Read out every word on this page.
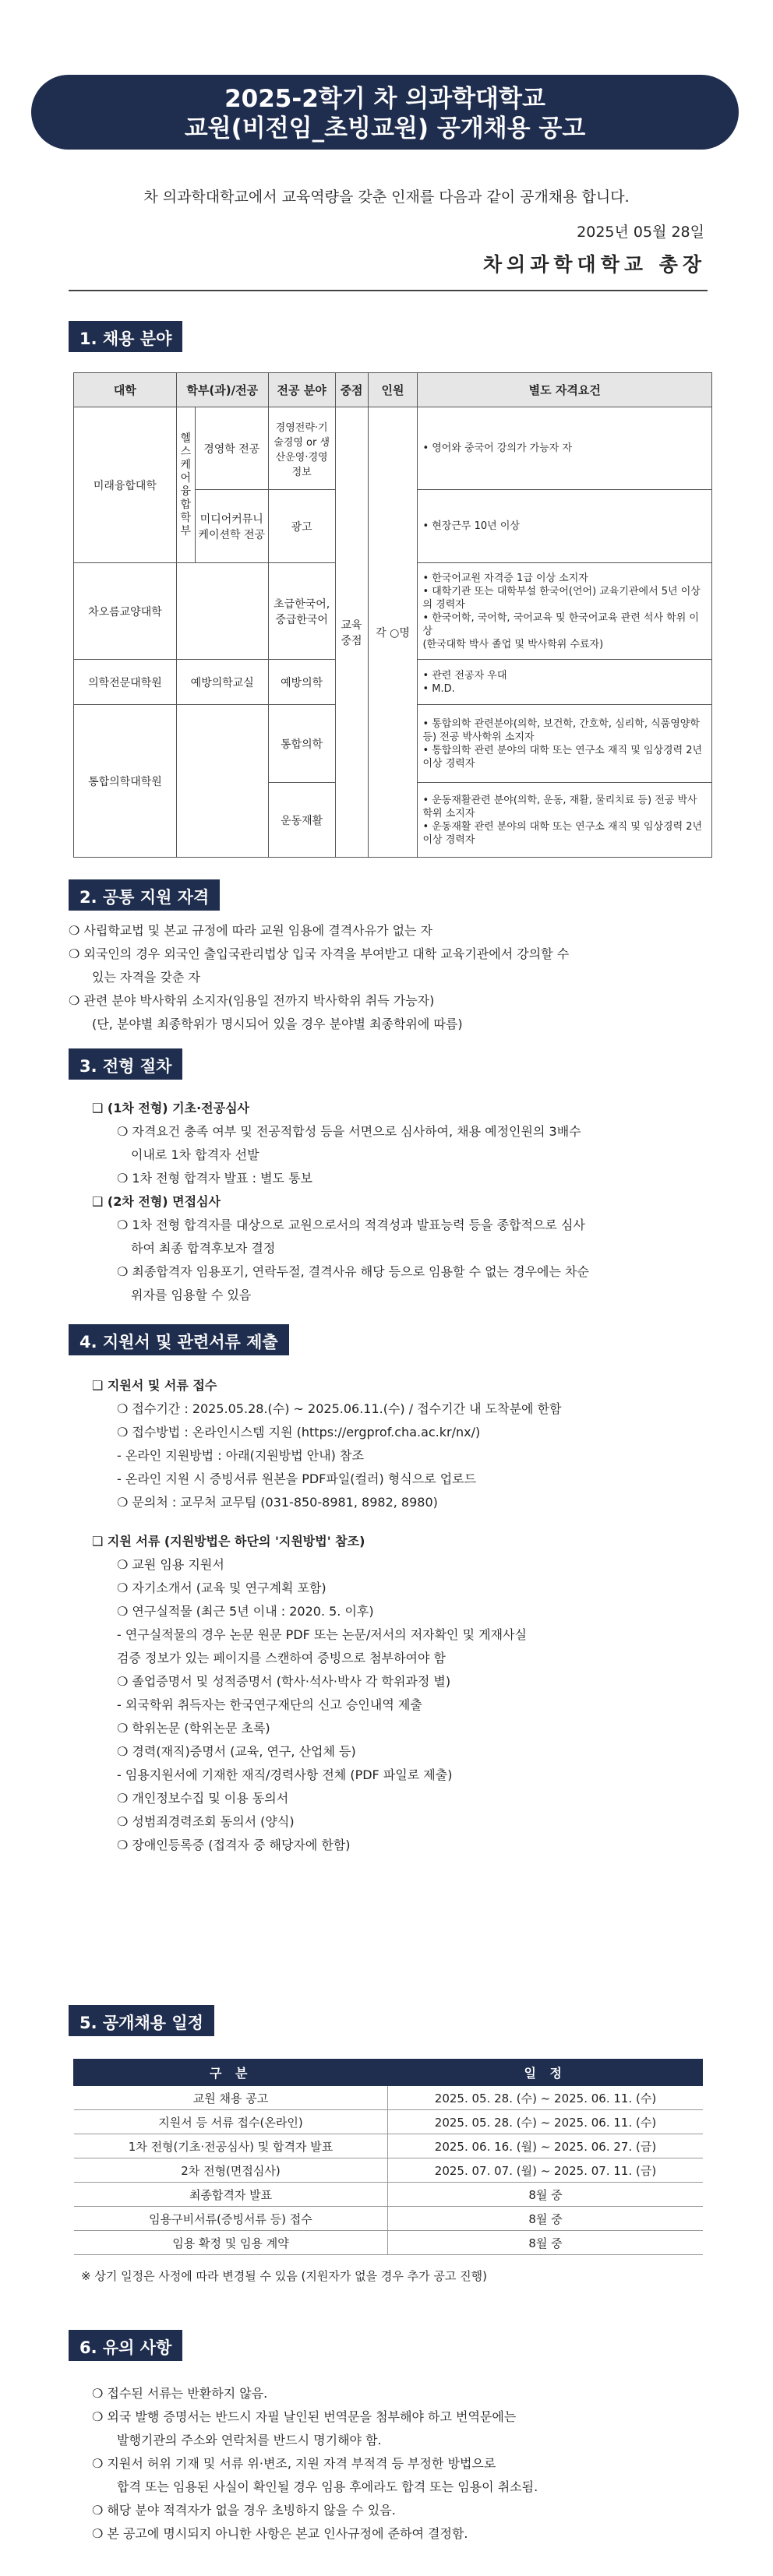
2025-2학기 차 의과학대학교
교원(비전임_초빙교원) 공개채용 공고
차 의과학대학교에서 교육역량을 갖춘 인재를 다음과 같이 공개채용 합니다.
2025년 05월 28일
차의과학대학교 총장
1. 채용 분야
대학	학부(과)/전공		전공 분야	중점	인원	별도 자격요건
미래융합대학	헬스케어융합학부	경영학 전공	경영전략·기술경영 or 생산운영·경영정보	교육중점	각 ○명	• 영어와 중국어 강의가 가능자 자

		미디어커뮤니케이션학 전공	광고			• 현장근무 10년 이상

차오름교양대학			초급한국어, 중급한국어			• 한국어교원 자격증 1급 이상 소지자
• 대학기관 또는 대학부설 한국어(언어) 교육기관에서 5년 이상의 경력자
• 한국어학, 국어학, 국어교육 및 한국어교육 관련 석사 학위 이상
(한국대학 박사 졸업 및 박사학위 수료자)

의학전문대학원	예방의학교실		예방의학			• 관련 전공자 우대
• M.D.

통합의학대학원			통합의학			• 통합의학 관련분야(의학, 보건학, 간호학, 심리학, 식품영양학 등) 전공 박사학위 소지자
• 통합의학 관련 분야의 대학 또는 연구소 재직 및 임상경력 2년 이상 경력자

			운동재활			• 운동재활관련 분야(의학, 운동, 재활, 물리치료 등) 전공 박사학위 소지자
• 운동재활 관련 분야의 대학 또는 연구소 재직 및 임상경력 2년 이상 경력자
2. 공통 지원 자격

❍ 사립학교법 및 본교 규정에 따라 교원 임용에 결격사유가 없는 자

❍ 외국인의 경우 외국인 출입국관리법상 입국 자격을 부여받고 대학 교육기관에서 강의할 수

있는 자격을 갖춘 자

❍ 관련 분야 박사학위 소지자(임용일 전까지 박사학위 취득 가능자)

(단, 분야별 최종학위가 명시되어 있을 경우 분야별 최종학위에 따름)

3. 전형 절차

❑ (1차 전형) 기초·전공심사

❍ 자격요건 충족 여부 및 전공적합성 등을 서면으로 심사하여, 채용 예정인원의 3배수

이내로 1차 합격자 선발

❍ 1차 전형 합격자 발표 : 별도 통보

❑ (2차 전형) 면접심사

❍ 1차 전형 합격자를 대상으로 교원으로서의 적격성과 발표능력 등을 종합적으로 심사

하여 최종 합격후보자 결정

❍ 최종합격자 임용포기, 연락두절, 결격사유 해당 등으로 임용할 수 없는 경우에는 차순

위자를 임용할 수 있음

4. 지원서 및 관련서류 제출

❑ 지원서 및 서류 접수

❍ 접수기간 : 2025.05.28.(수) ~ 2025.06.11.(수) / 접수기간 내 도착분에 한함

❍ 접수방법 : 온라인시스템 지원 (https://ergprof.cha.ac.kr/nx/)

- 온라인 지원방법 : 아래(지원방법 안내) 참조

- 온라인 지원 시 증빙서류 원본을 PDF파일(컬러) 형식으로 업로드

❍ 문의처 : 교무처 교무팀 (031-850-8981, 8982, 8980)

❑ 지원 서류 (지원방법은 하단의 '지원방법' 참조)

❍ 교원 임용 지원서

❍ 자기소개서 (교육 및 연구계획 포함)

❍ 연구실적물 (최근 5년 이내 : 2020. 5. 이후)

- 연구실적물의 경우 논문 원문 PDF 또는 논문/저서의 저자확인 및 게재사실

검증 정보가 있는 페이지를 스캔하여 증빙으로 첨부하여야 함

❍ 졸업증명서 및 성적증명서 (학사·석사·박사 각 학위과정 별)

- 외국학위 취득자는 한국연구재단의 신고 승인내역 제출

❍ 학위논문 (학위논문 초록)

❍ 경력(재직)증명서 (교육, 연구, 산업체 등)

- 임용지원서에 기재한 재직/경력사항 전체 (PDF 파일로 제출)

❍ 개인정보수집 및 이용 동의서

❍ 성범죄경력조회 동의서 (양식)

❍ 장애인등록증 (접격자 중 해당자에 한함)

5. 공개채용 일정
구 분	일 정
교원 채용 공고	2025. 05. 28. (수) ~ 2025. 06. 11. (수)
지원서 등 서류 접수(온라인)	2025. 05. 28. (수) ~ 2025. 06. 11. (수)
1차 전형(기초·전공심사) 및 합격자 발표	2025. 06. 16. (월) ~ 2025. 06. 27. (금)
2차 전형(면접심사)	2025. 07. 07. (월) ~ 2025. 07. 11. (금)
최종합격자 발표	8월 중
임용구비서류(증빙서류 등) 접수	8월 중
임용 확정 및 임용 계약	8월 중
※ 상기 일정은 사정에 따라 변경될 수 있음 (지원자가 없을 경우 추가 공고 진행)
6. 유의 사항

❍ 접수된 서류는 반환하지 않음.

❍ 외국 발행 증명서는 반드시 자필 날인된 번역문을 첨부해야 하고 번역문에는

발행기관의 주소와 연락처를 반드시 명기해야 함.

❍ 지원서 허위 기재 및 서류 위·변조, 지원 자격 부적격 등 부정한 방법으로

합격 또는 임용된 사실이 확인될 경우 임용 후에라도 합격 또는 임용이 취소됨.

❍ 해당 분야 적격자가 없을 경우 초빙하지 않을 수 있음.

❍ 본 공고에 명시되지 아니한 사항은 본교 인사규정에 준하여 결정함.
